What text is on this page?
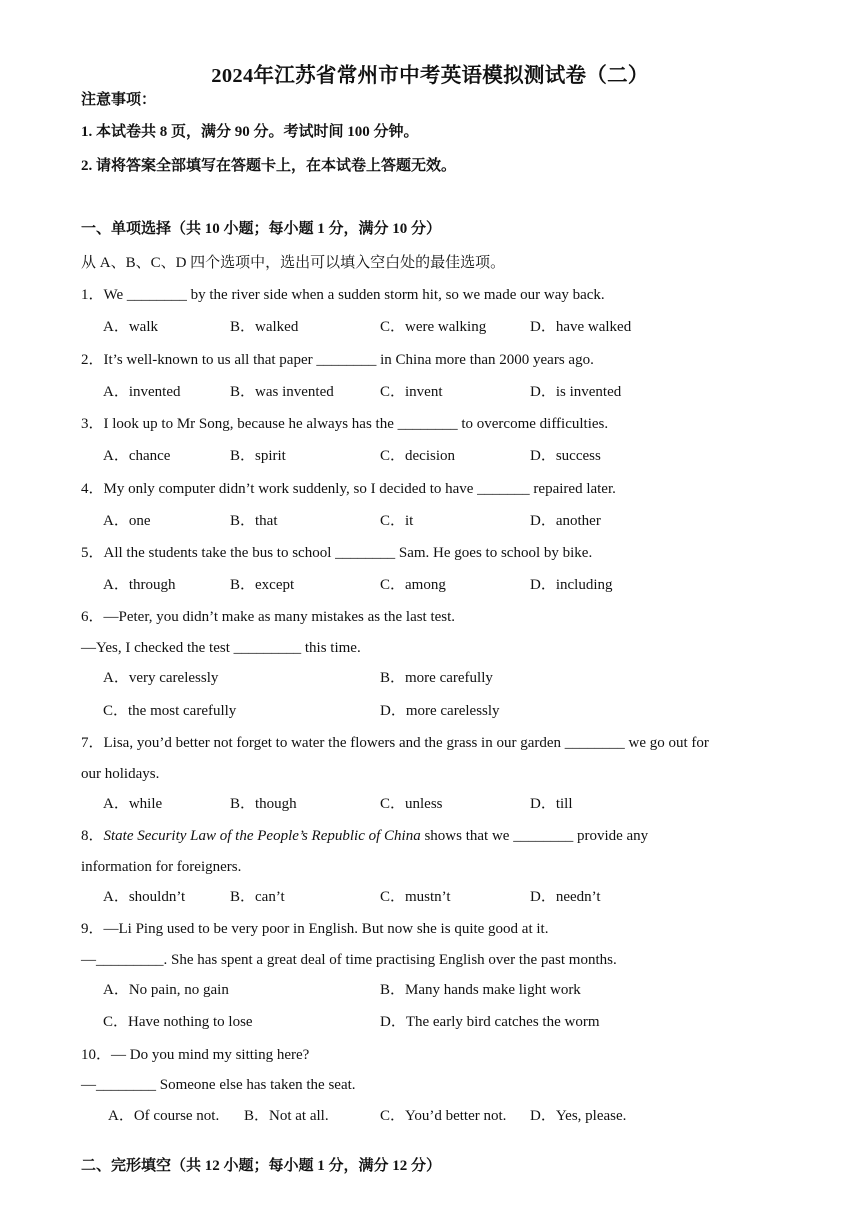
2024年江苏省常州市中考英语模拟测试卷（二）
注意事项：
1. 本试卷共 8 页，满分 90 分。考试时间 100 分钟。
2. 请将答案全部填写在答题卡上，在本试卷上答题无效。
一、单项选择（共 10 小题；每小题 1 分，满分 10 分）
从 A、B、C、D 四个选项中，选出可以填入空白处的最佳选项。
1．We ________ by the river side when a sudden storm hit, so we made our way back.
A．walk	B．walked	C．were walking	D．have walked
2．It’s well-known to us all that paper ________ in China more than 2000 years ago.
A．invented	B．was invented	C．invent	D．is invented
3．I look up to Mr Song, because he always has the ________ to overcome difficulties.
A．chance	B．spirit	C．decision	D．success
4．My only computer didn’t work suddenly, so I decided to have _______ repaired later.
A．one	B．that	C．it	D．another
5．All the students take the bus to school ________ Sam. He goes to school by bike.
A．through	B．except	C．among	D．including
6．—Peter, you didn’t make as many mistakes as the last test.
—Yes, I checked the test _________ this time.
A．very carelessly	B．more carefully
C．the most carefully	D．more carelessly
7．Lisa, you’d better not forget to water the flowers and the grass in our garden ________ we go out for
our holidays.
A．while	B．though	C．unless	D．till
8．State Security Law of the People’s Republic of China shows that we ________ provide any
information for foreigners.
A．shouldn’t	B．can’t	C．mustn’t	D．needn’t
9．—Li Ping used to be very poor in English. But now she is quite good at it.
—_________. She has spent a great deal of time practising English over the past months.
A．No pain, no gain	B．Many hands make light work
C．Have nothing to lose	D．The early bird catches the worm
10．— Do you mind my sitting here?
—________ Someone else has taken the seat.
A．Of course not. B．Not at all.	C．You’d better not. D．Yes, please.
二、完形填空（共 12 小题；每小题 1 分，满分 12 分）
